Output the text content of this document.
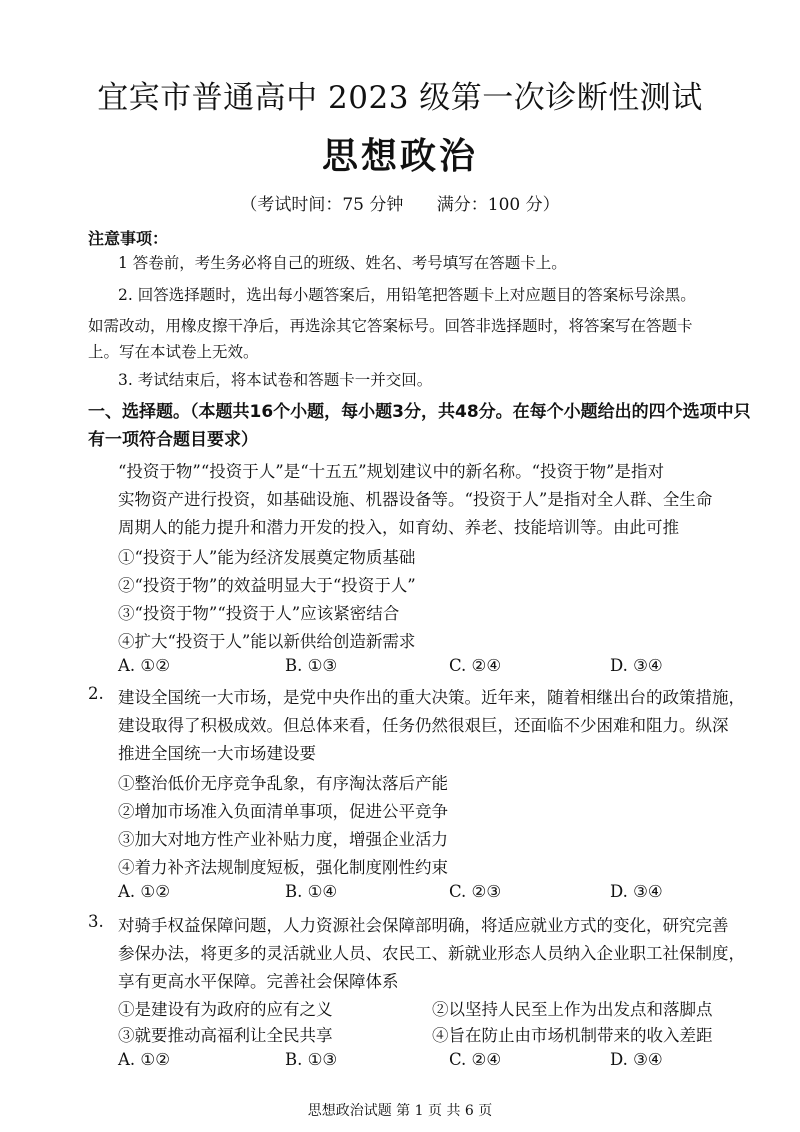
宜宾市普通高中 2023 级第一次诊断性测试
思想政治
（考试时间：75 分钟 满分：100 分）
注意事项：
1 答卷前，考生务必将自己的班级、姓名、考号填写在答题卡上。
2. 回答选择题时，选出每小题答案后，用铅笔把答题卡上对应题目的答案标号涂黑。
如需改动，用橡皮擦干净后，再选涂其它答案标号。回答非选择题时，将答案写在答题卡
上。写在本试卷上无效。
3. 考试结束后，将本试卷和答题卡一并交回。
一、选择题。（本题共16个小题，每小题3分，共48分。在每个小题给出的四个选项中只
有一项符合题目要求）
“投资于物”“投资于人”是“十五五”规划建议中的新名称。“投资于物”是指对
实物资产进行投资，如基础设施、机器设备等。“投资于人”是指对全人群、全生命
周期人的能力提升和潜力开发的投入，如育幼、养老、技能培训等。由此可推
①“投资于人”能为经济发展奠定物质基础
②“投资于物”的效益明显大于“投资于人”
③“投资于物”“投资于人”应该紧密结合
④扩大“投资于人”能以新供给创造新需求
A. ①②	B. ①③	C. ②④	D. ③④
2. 建设全国统一大市场，是党中央作出的重大决策。近年来，随着相继出台的政策措施，
建设取得了积极成效。但总体来看，任务仍然很艰巨，还面临不少困难和阻力。纵深
推进全国统一大市场建设要
①整治低价无序竞争乱象，有序淘汰落后产能
②增加市场准入负面清单事项，促进公平竞争
③加大对地方性产业补贴力度，增强企业活力
④着力补齐法规制度短板，强化制度刚性约束
A. ①②	B. ①④	C. ②③	D. ③④
3. 对骑手权益保障问题，人力资源社会保障部明确，将适应就业方式的变化，研究完善
参保办法，将更多的灵活就业人员、农民工、新就业形态人员纳入企业职工社保制度，
享有更高水平保障。完善社会保障体系
①是建设有为政府的应有之义	②以坚持人民至上作为出发点和落脚点
③就要推动高福利让全民共享	④旨在防止由市场机制带来的收入差距
A. ①②	B. ①③	C. ②④	D. ③④
思想政治试题 第 1 页 共 6 页
